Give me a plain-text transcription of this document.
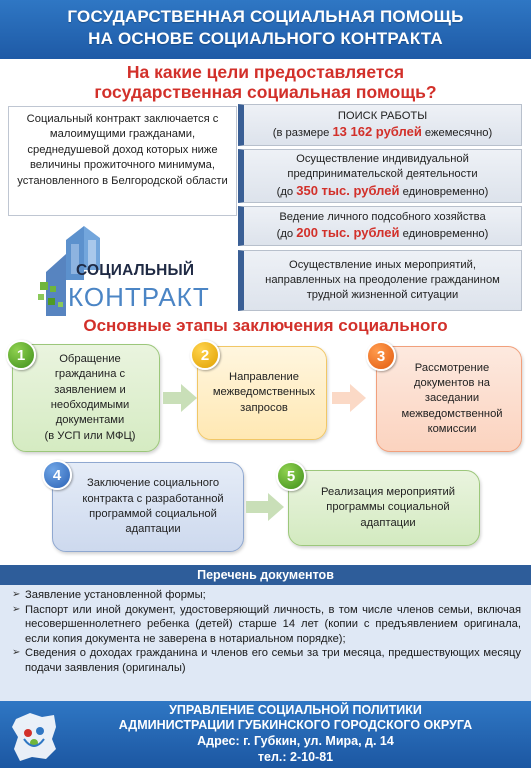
ГОСУДАРСТВЕННАЯ СОЦИАЛЬНАЯ ПОМОЩЬ
НА ОСНОВЕ СОЦИАЛЬНОГО КОНТРАКТА
На какие цели предоставляется
государственная социальная помощь?
Социальный контракт заключается с малоимущими гражданами, среднедушевой доход которых ниже величины прожиточного минимума, установленного в Белгородской области
ПОИСК РАБОТЫ
(в размере 13 162 рублей ежемесячно)
Осуществление индивидуальной предпринимательской деятельности
(до 350 тыс. рублей единовременно)
Ведение личного подсобного хозяйства
(до 200 тыс. рублей единовременно)
Осуществление иных мероприятий, направленных на преодоление гражданином трудной жизненной ситуации
СОЦИАЛЬНЫЙ
КОНТРАКТ
Основные этапы заключения социального
Обращение гражданина с заявлением и необходимыми документами
(в УСП или МФЦ)
1
Направление межведомственных запросов
2
Рассмотрение документов на заседании межведомственной комиссии
3
Заключение социального контракта с разработанной программой социальной адаптации
4
Реализация мероприятий программы социальной адаптации
5
Перечень документов
➢ Заявление установленной формы;
➢ Паспорт или иной документ, удостоверяющий личность, в том числе членов семьи, включая несовершеннолетнего ребенка (детей) старше 14 лет (копии с предъявлением оригинала, если копия документа не заверена в нотариальном порядке);
➢ Сведения о доходах гражданина и членов его семьи за три месяца, предшествующих месяцу подачи заявления (оригиналы)
УПРАВЛЕНИЕ СОЦИАЛЬНОЙ ПОЛИТИКИ
АДМИНИСТРАЦИИ ГУБКИНСКОГО ГОРОДСКОГО ОКРУГА
Адрес: г. Губкин, ул. Мира, д. 14
тел.: 2-10-81
